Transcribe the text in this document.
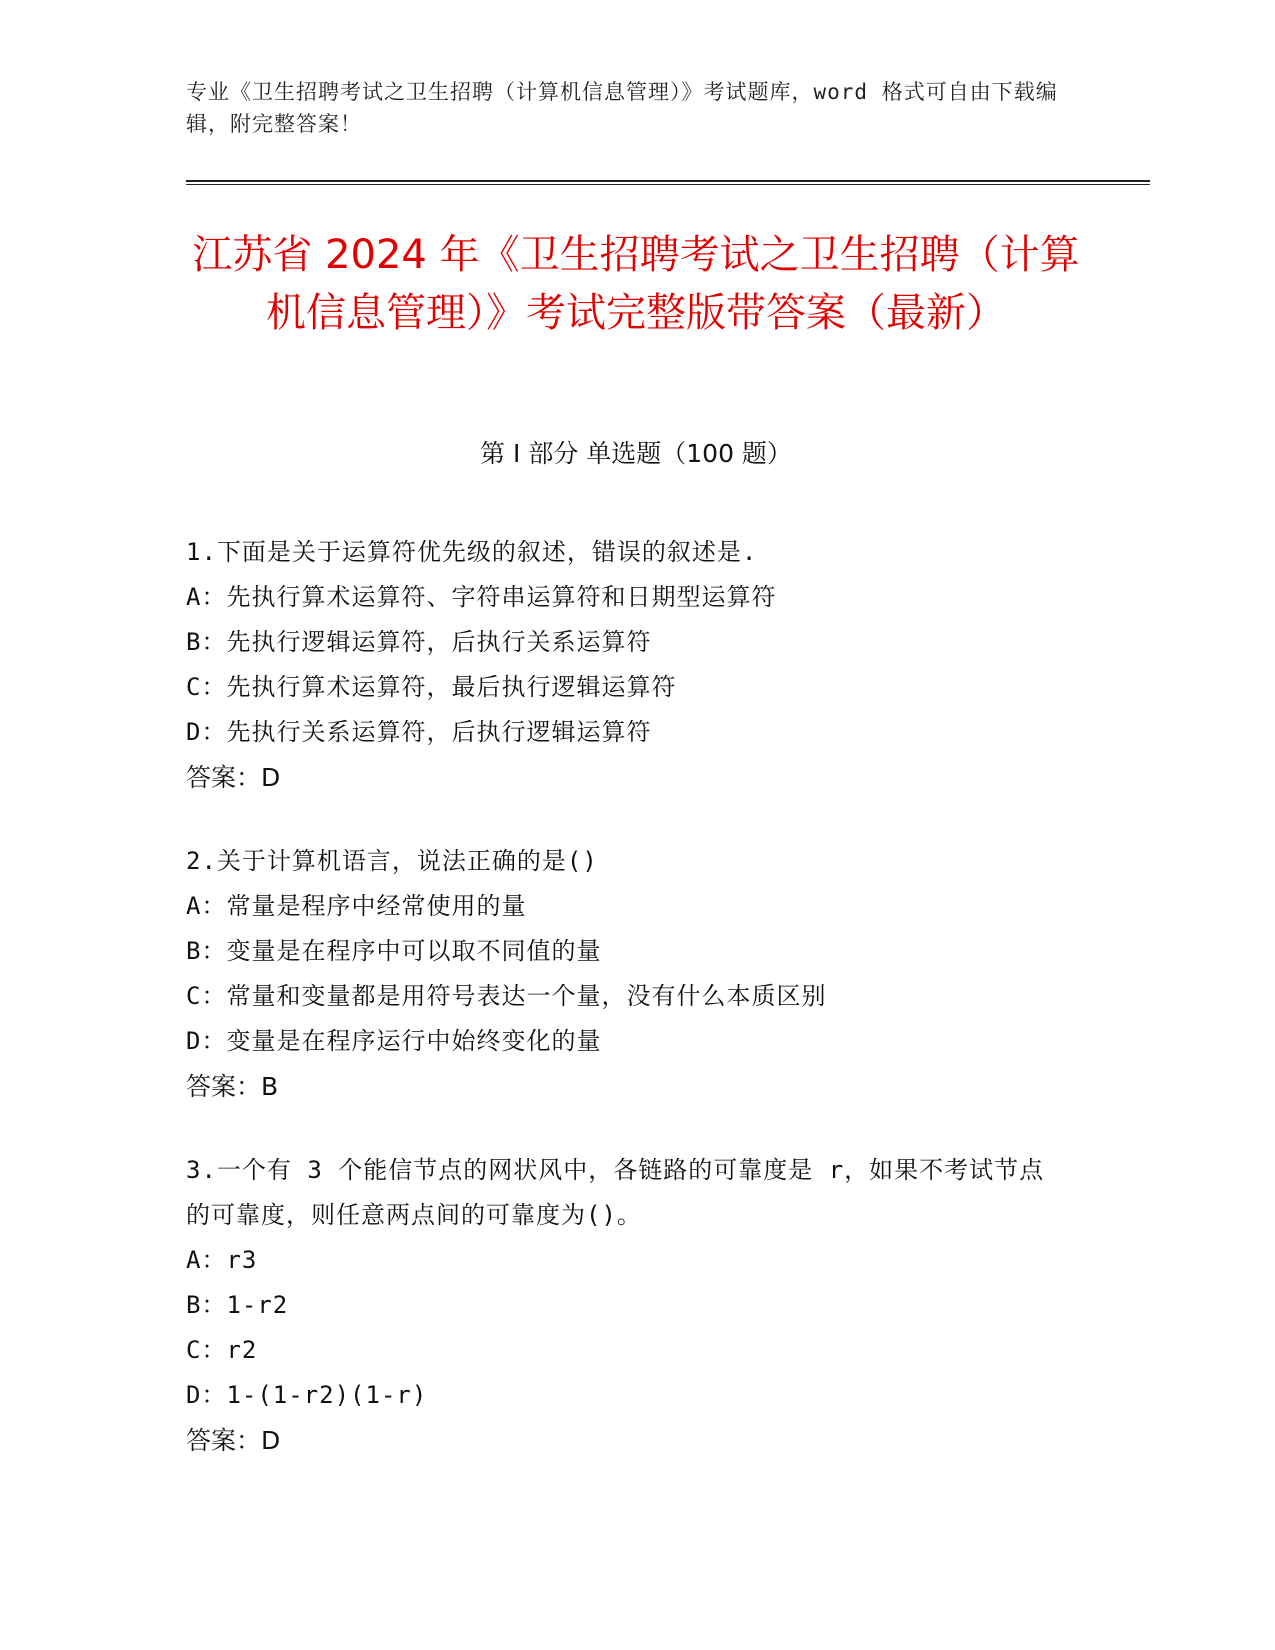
专业《卫生招聘考试之卫生招聘（计算机信息管理）》考试题库，word 格式可自由下载编辑，附完整答案！
江苏省 2024 年《卫生招聘考试之卫生招聘（计算机信息管理）》考试完整版带答案（最新）
第 I 部分 单选题（100 题）
1.下面是关于运算符优先级的叙述，错误的叙述是.
A：先执行算术运算符、字符串运算符和日期型运算符
B：先执行逻辑运算符，后执行关系运算符
C：先执行算术运算符，最后执行逻辑运算符
D：先执行关系运算符，后执行逻辑运算符
答案：D
2.关于计算机语言，说法正确的是()
A：常量是程序中经常使用的量
B：变量是在程序中可以取不同值的量
C：常量和变量都是用符号表达一个量，没有什么本质区别
D：变量是在程序运行中始终变化的量
答案：B
3.一个有 3 个能信节点的网状风中，各链路的可靠度是 r，如果不考试节点的可靠度，则任意两点间的可靠度为()。
A：r3
B：1-r2
C：r2
D：1-(1-r2)(1-r)
答案：D
